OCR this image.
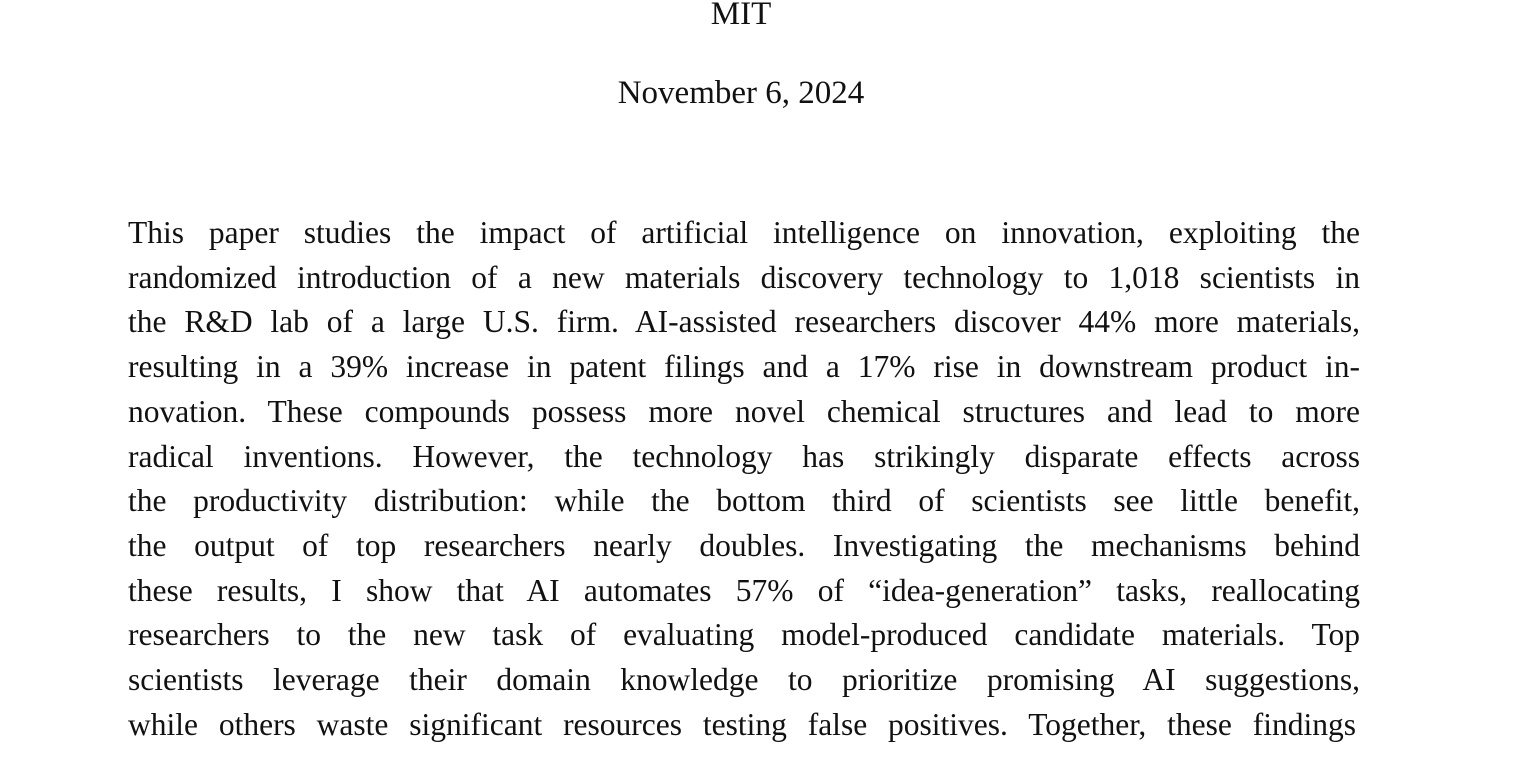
MIT
November 6, 2024
This paper studies the impact of artificial intelligence on innovation, exploiting the
randomized introduction of a new materials discovery technology to 1,018 scientists in
the R&D lab of a large U.S. firm. AI-assisted researchers discover 44% more materials,
resulting in a 39% increase in patent filings and a 17% rise in downstream product in-
novation. These compounds possess more novel chemical structures and lead to more
radical inventions. However, the technology has strikingly disparate effects across
the productivity distribution: while the bottom third of scientists see little benefit,
the output of top researchers nearly doubles. Investigating the mechanisms behind
these results, I show that AI automates 57% of “idea-generation” tasks, reallocating
researchers to the new task of evaluating model-produced candidate materials. Top
scientists leverage their domain knowledge to prioritize promising AI suggestions,
while others waste significant resources testing false positives. Together, these findings
